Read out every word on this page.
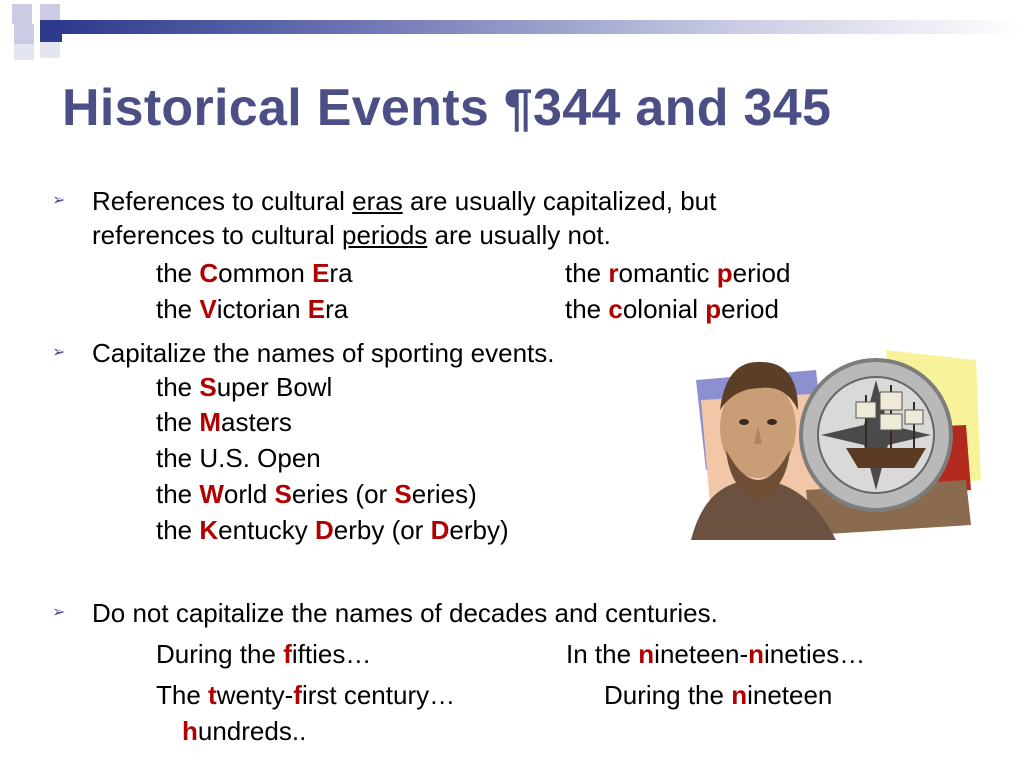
Historical Events ¶344 and 345
➢ References to cultural eras are usually capitalized, but
references to cultural periods are usually not.
the Common Era	the romantic period
the Victorian Era	the colonial period
➢ Capitalize the names of sporting events.
the Super Bowl
the Masters
the U.S. Open
the World Series (or Series)
the Kentucky Derby (or Derby)
➢ Do not capitalize the names of decades and centuries.
During the fifties…	In the nineteen-nineties…
The twenty-first century…	During the nineteen
hundreds..
